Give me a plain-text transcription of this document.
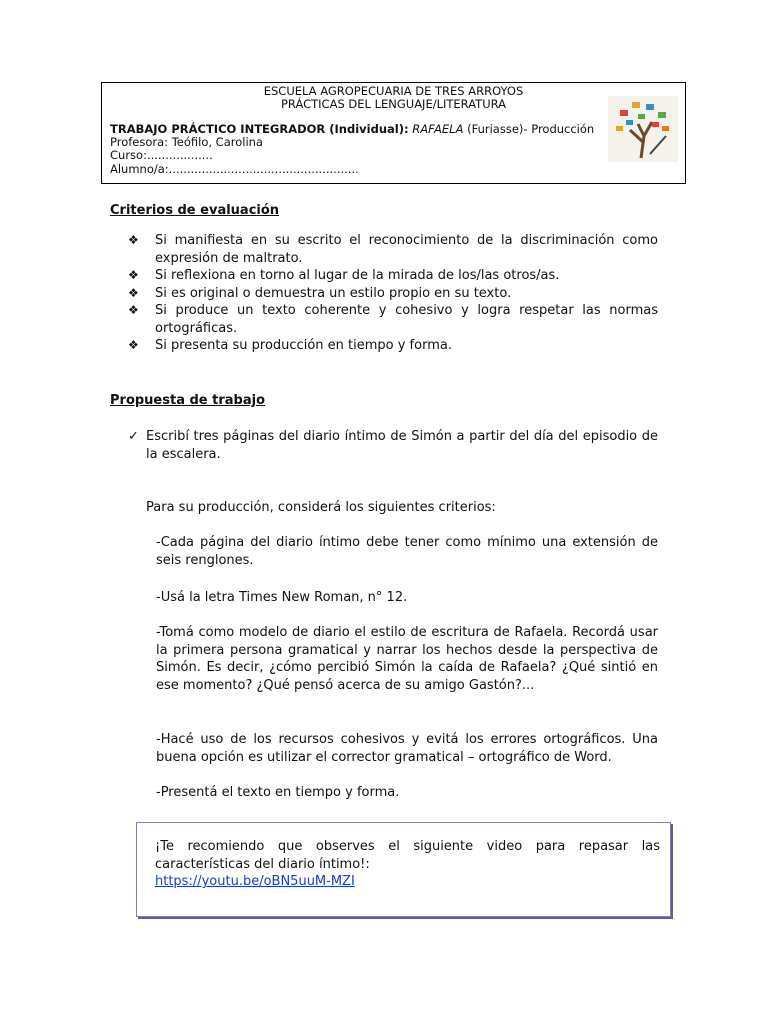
ESCUELA AGROPECUARIA DE TRES ARROYOS
PRÁCTICAS DEL LENGUAJE/LITERATURA
TRABAJO PRÁCTICO INTEGRADOR (Individual): RAFAELA (Furiasse)- Producción
Profesora: Teófilo, Carolina
Curso:..................
Alumno/a:....................................................
Criterios de evaluación
❖ Si manifiesta en su escrito el reconocimiento de la discriminación como expresión de maltrato.
❖ Si reflexiona en torno al lugar de la mirada de los/las otros/as.
❖ Si es original o demuestra un estilo propio en su texto.
❖ Si produce un texto coherente y cohesivo y logra respetar las normas ortográficas.
❖ Si presenta su producción en tiempo y forma.
Propuesta de trabajo
✓ Escribí tres páginas del diario íntimo de Simón a partir del día del episodio de la escalera.
Para su producción, considerá los siguientes criterios:
-Cada página del diario íntimo debe tener como mínimo una extensión de seis renglones.
-Usá la letra Times New Roman, n° 12.
-Tomá como modelo de diario el estilo de escritura de Rafaela. Recordá usar la primera persona gramatical y narrar los hechos desde la perspectiva de Simón. Es decir, ¿cómo percibió Simón la caída de Rafaela? ¿Qué sintió en ese momento? ¿Qué pensó acerca de su amigo Gastón?...
-Hacé uso de los recursos cohesivos y evitá los errores ortográficos. Una buena opción es utilizar el corrector gramatical – ortográfico de Word.
-Presentá el texto en tiempo y forma.
¡Te recomiendo que observes el siguiente video para repasar las características del diario íntimo!:
https://youtu.be/oBN5uuM-MZI
